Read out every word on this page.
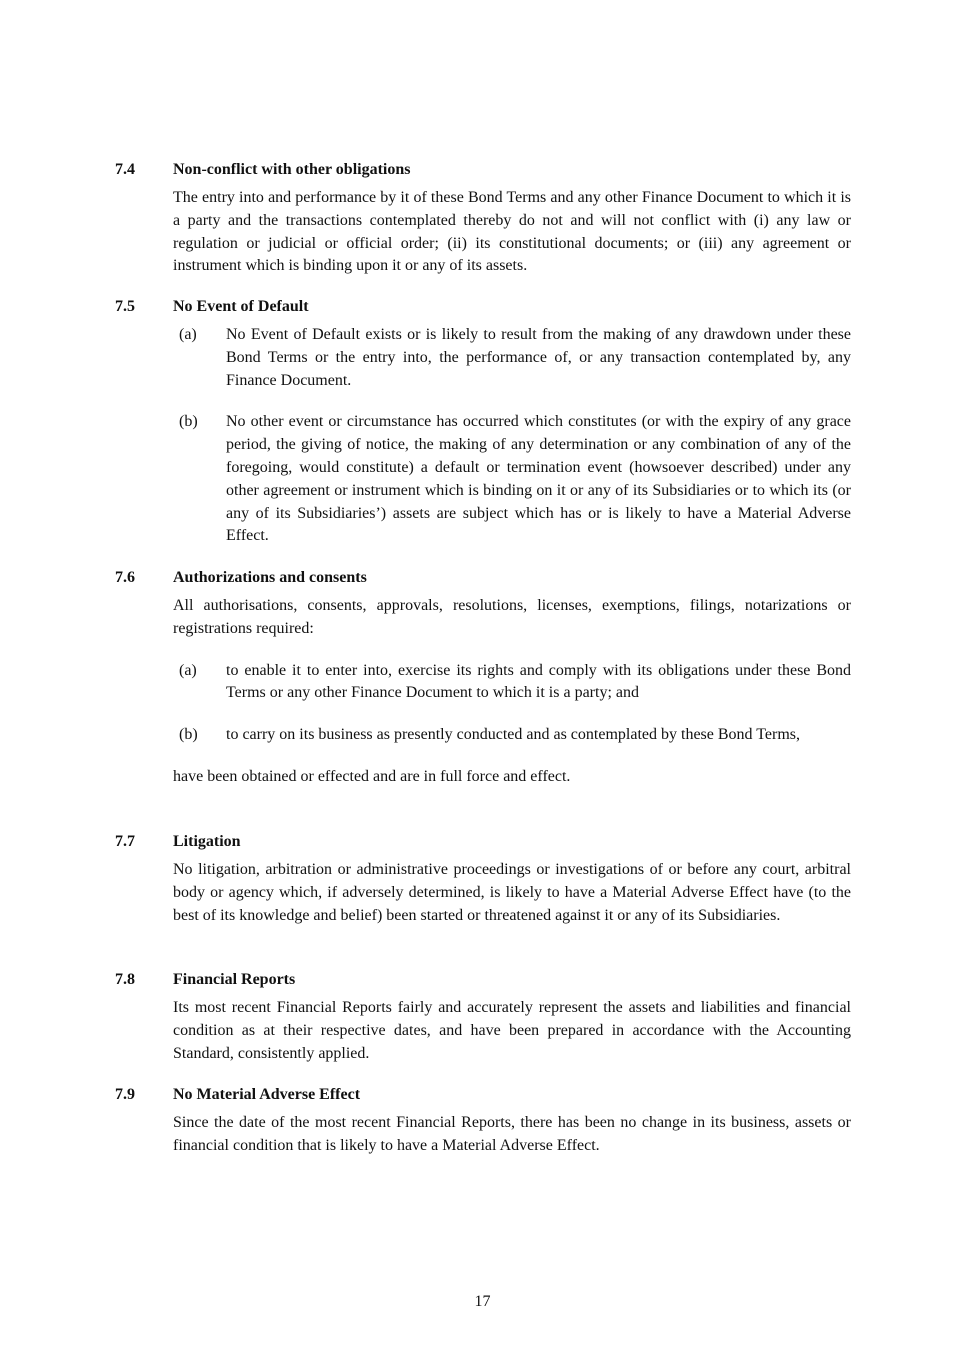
7.4 Non-conflict with other obligations
The entry into and performance by it of these Bond Terms and any other Finance Document to which it is a party and the transactions contemplated thereby do not and will not conflict with (i) any law or regulation or judicial or official order; (ii) its constitutional documents; or (iii) any agreement or instrument which is binding upon it or any of its assets.
7.5 No Event of Default
(a) No Event of Default exists or is likely to result from the making of any drawdown under these Bond Terms or the entry into, the performance of, or any transaction contemplated by, any Finance Document.
(b) No other event or circumstance has occurred which constitutes (or with the expiry of any grace period, the giving of notice, the making of any determination or any combination of any of the foregoing, would constitute) a default or termination event (howsoever described) under any other agreement or instrument which is binding on it or any of its Subsidiaries or to which its (or any of its Subsidiaries’) assets are subject which has or is likely to have a Material Adverse Effect.
7.6 Authorizations and consents
All authorisations, consents, approvals, resolutions, licenses, exemptions, filings, notarizations or registrations required:
(a) to enable it to enter into, exercise its rights and comply with its obligations under these Bond Terms or any other Finance Document to which it is a party; and
(b) to carry on its business as presently conducted and as contemplated by these Bond Terms,
have been obtained or effected and are in full force and effect.
7.7 Litigation
No litigation, arbitration or administrative proceedings or investigations of or before any court, arbitral body or agency which, if adversely determined, is likely to have a Material Adverse Effect have (to the best of its knowledge and belief) been started or threatened against it or any of its Subsidiaries.
7.8 Financial Reports
Its most recent Financial Reports fairly and accurately represent the assets and liabilities and financial condition as at their respective dates, and have been prepared in accordance with the Accounting Standard, consistently applied.
7.9 No Material Adverse Effect
Since the date of the most recent Financial Reports, there has been no change in its business, assets or financial condition that is likely to have a Material Adverse Effect.
17
